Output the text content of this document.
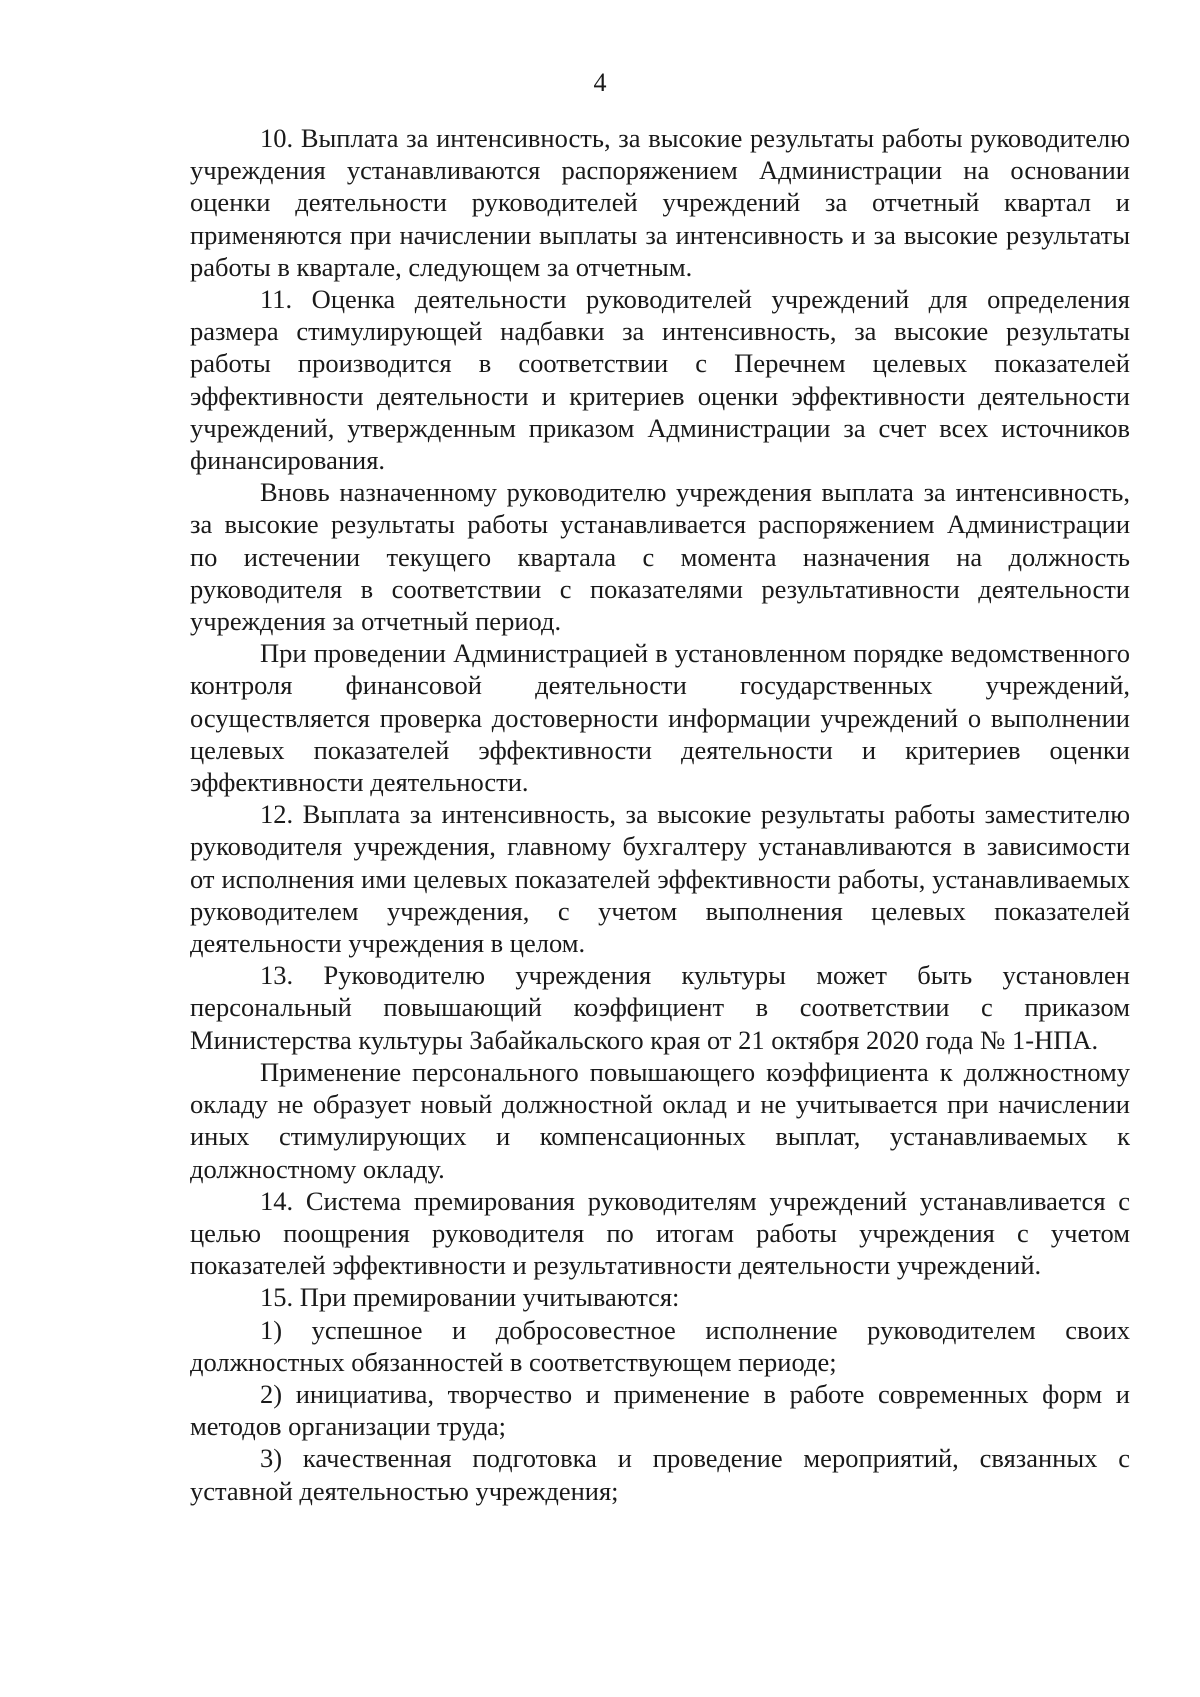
4

10. Выплата за интенсивность, за высокие результаты работы руководителю учреждения устанавливаются распоряжением Администрации на основании оценки деятельности руководителей учреждений за отчетный квартал и применяются при начислении выплаты за интенсивность и за высокие результаты работы в квартале, следующем за отчетным.

11. Оценка деятельности руководителей учреждений для определения размера стимулирующей надбавки за интенсивность, за высокие результаты работы производится в соответствии с Перечнем целевых показателей эффективности деятельности и критериев оценки эффективности деятельности учреждений, утвержденным приказом Администрации за счет всех источников финансирования.

Вновь назначенному руководителю учреждения выплата за интенсивность, за высокие результаты работы устанавливается распоряжением Администрации по истечении текущего квартала с момента назначения на должность руководителя в соответствии с показателями результативности деятельности учреждения за отчетный период.

При проведении Администрацией в установленном порядке ведомственного контроля финансовой деятельности государственных учреждений, осуществляется проверка достоверности информации учреждений о выполнении целевых показателей эффективности деятельности и критериев оценки эффективности деятельности.

12. Выплата за интенсивность, за высокие результаты работы заместителю руководителя учреждения, главному бухгалтеру устанавливаются в зависимости от исполнения ими целевых показателей эффективности работы, устанавливаемых руководителем учреждения, с учетом выполнения целевых показателей деятельности учреждения в целом.

13. Руководителю учреждения культуры может быть установлен персональный повышающий коэффициент в соответствии с приказом Министерства культуры Забайкальского края от 21 октября 2020 года № 1-НПА.

Применение персонального повышающего коэффициента к должностному окладу не образует новый должностной оклад и не учитывается при начислении иных стимулирующих и компенсационных выплат, устанавливаемых к должностному окладу.

14. Система премирования руководителям учреждений устанавливается с целью поощрения руководителя по итогам работы учреждения с учетом показателей эффективности и результативности деятельности учреждений.

15. При премировании учитываются:

1) успешное и добросовестное исполнение руководителем своих должностных обязанностей в соответствующем периоде;

2) инициатива, творчество и применение в работе современных форм и методов организации труда;

3) качественная подготовка и проведение мероприятий, связанных с уставной деятельностью учреждения;
